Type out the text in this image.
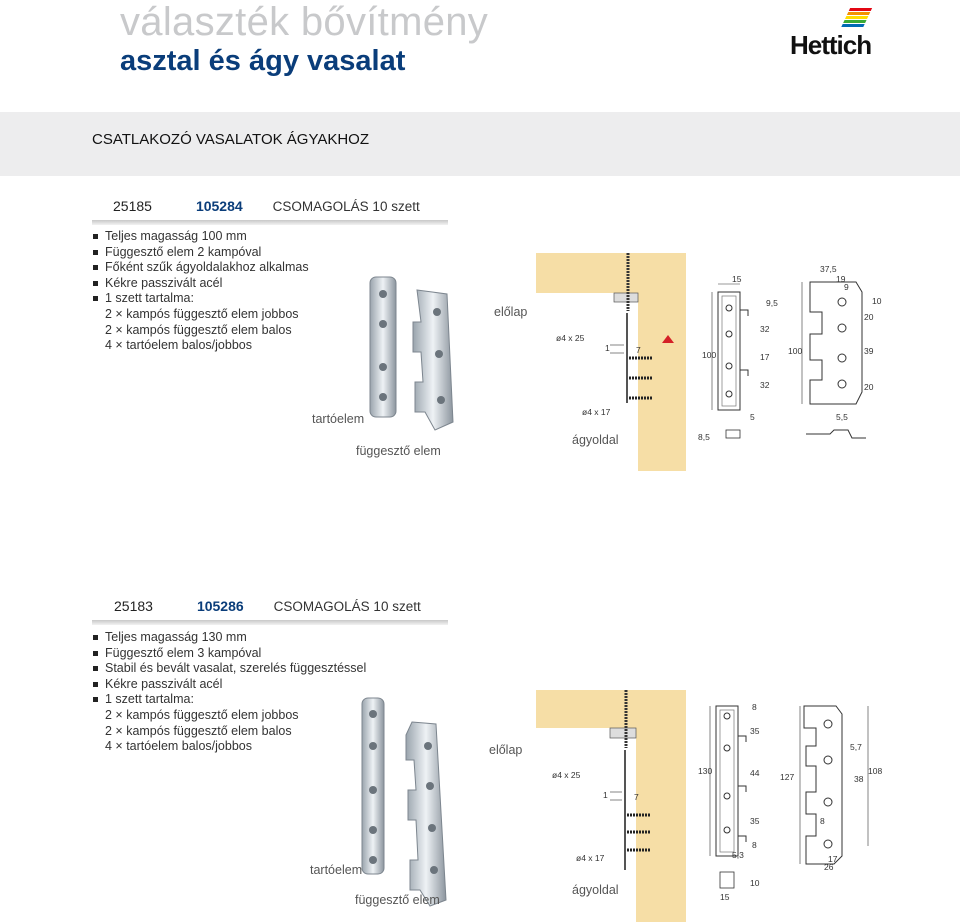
választék bővítmény
asztal és ágy vasalat	Hettich
CSATLAKOZÓ VASALATOK ÁGYAKHOZ
25185	105284 CSOMAGOLÁS 10 szett
Teljes magasság 100 mm
Függesztő elem 2 kampóval
Főként szűk ágyoldalakhoz alkalmas
Kékre passzivált acél
1 szett tartalma:
2 × kampós függesztő elem jobbos
2 × kampós függesztő elem balos
4 × tartóelem balos/jobbos
tartóelem
függesztő elem
előlap
ø4 x 25
1	7
ø4 x 17
ágyoldal
15
9,5
32
17
32
100
5
8,5
37,5
19
9
10
20
39
20
100
5,5
25183	105286 CSOMAGOLÁS 10 szett
Teljes magasság 130 mm
Függesztő elem 3 kampóval
Stabil és bevált vasalat, szerelés függesztéssel
Kékre passzivált acél
1 szett tartalma:
2 × kampós függesztő elem jobbos
2 × kampós függesztő elem balos
4 × tartóelem balos/jobbos
tartóelem
függesztő elem
előlap
ø4 x 25
1	7
ø4 x 17
ágyoldal
8
35
44
35
8
130
5,3
10
15
5,7
38
108
127
8
17
26
